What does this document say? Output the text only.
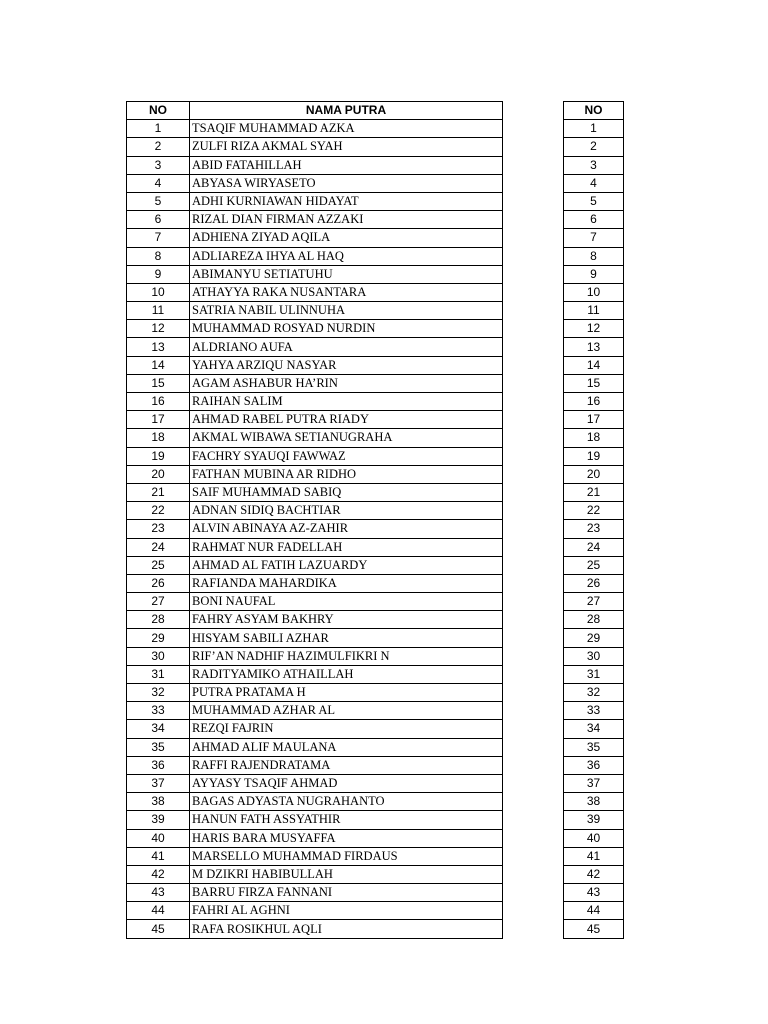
NO	NAMA PUTRA
1	TSAQIF MUHAMMAD AZKA
2	ZULFI RIZA AKMAL SYAH
3	ABID FATAHILLAH
4	ABYASA WIRYASETO
5	ADHI KURNIAWAN HIDAYAT
6	RIZAL DIAN FIRMAN AZZAKI
7	ADHIENA ZIYAD AQILA
8	ADLIAREZA IHYA AL HAQ
9	ABIMANYU SETIATUHU
10	ATHAYYA RAKA NUSANTARA
11	SATRIA NABIL ULINNUHA
12	MUHAMMAD ROSYAD NURDIN
13	ALDRIANO AUFA
14	YAHYA ARZIQU NASYAR
15	AGAM ASHABUR HA’RIN
16	RAIHAN SALIM
17	AHMAD RABEL PUTRA RIADY
18	AKMAL WIBAWA SETIANUGRAHA
19	FACHRY SYAUQI FAWWAZ
20	FATHAN MUBINA AR RIDHO
21	SAIF MUHAMMAD SABIQ
22	ADNAN SIDIQ BACHTIAR
23	ALVIN ABINAYA AZ-ZAHIR
24	RAHMAT NUR FADELLAH
25	AHMAD AL FATIH LAZUARDY
26	RAFIANDA MAHARDIKA
27	BONI NAUFAL
28	FAHRY ASYAM BAKHRY
29	HISYAM SABILI AZHAR
30	RIF’AN NADHIF HAZIMULFIKRI N
31	RADITYAMIKO ATHAILLAH
32	PUTRA PRATAMA H
33	MUHAMMAD AZHAR AL
34	REZQI FAJRIN
35	AHMAD ALIF MAULANA
36	RAFFI RAJENDRATAMA
37	AYYASY TSAQIF AHMAD
38	BAGAS ADYASTA NUGRAHANTO
39	HANUN FATH ASSYATHIR
40	HARIS BARA MUSYAFFA
41	MARSELLO MUHAMMAD FIRDAUS
42	M DZIKRI HABIBULLAH
43	BARRU FIRZA FANNANI
44	FAHRI AL AGHNI
45	RAFA ROSIKHUL AQLI
NO
1
2
3
4
5
6
7
8
9
10
11
12
13
14
15
16
17
18
19
20
21
22
23
24
25
26
27
28
29
30
31
32
33
34
35
36
37
38
39
40
41
42
43
44
45
